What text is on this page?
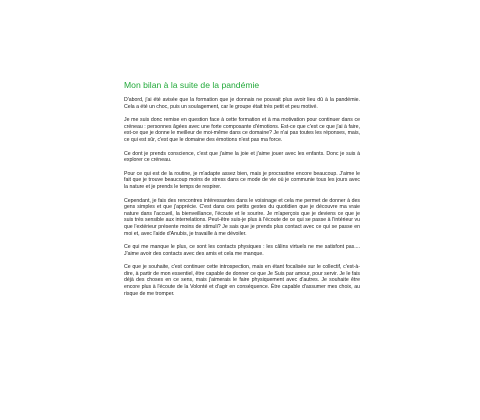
Mon bilan à la suite de la pandémie

D'abord, j'ai été avisée que la formation que je donnais ne pouvait plus avoir lieu dû à la pandémie. Cela a été un choc, puis un soulagement, car le groupe était très petit et peu motivé.

Je me suis donc remise en question face à cette formation et à ma motivation pour continuer dans ce créneau : personnes âgées avec une forte composante d'émotions. Est-ce que c'est ce que j'ai à faire, est-ce que je donne le meilleur de moi-même dans ce domaine? Je n'ai pas toutes les réponses, mais, ce qui est sûr, c'est que le domaine des émotions n'est pas ma force.

Ce dont je prends conscience, c'est que j'aime la joie et j'aime jouer avec les enfants. Donc je suis à explorer ce créneau.

Pour ce qui est de la routine, je m'adapte assez bien, mais je procrastine encore beaucoup. J'aime le fait que je trouve beaucoup moins de stress dans ce mode de vie où je communie tous les jours avec la nature et je prends le temps de respirer.

Cependant, je fais des rencontres intéressantes dans le voisinage et cela me permet de donner à des gens simples et que j'apprécie. C'est dans ces petits gestes du quotidien que je découvre ma vraie nature dans l'accueil, la bienveillance, l'écoute et le sourire. Je m'aperçois que je deviens ce que je suis très sensible aux interrelations. Peut-être suis-je plus à l'écoute de ce qui se passe à l'intérieur vu que l'extérieur présente moins de stimuli? Je sais que je prends plus contact avec ce qui se passe en moi et, avec l'aide d'Anubis, je travaille à me dévoiler.

Ce qui me manque le plus, ce sont les contacts physiques : les câlins virtuels ne me satisfont pas.... J'aime avoir des contacts avec des amis et cela me manque.

Ce que je souhaite, c'est continuer cette introspection, mais en étant focalisée sur le collectif, c'est-à-dire, à partir de mon essentiel, être capable de donner ce que Je Suis par amour, pour servir. Je le fais déjà des choses en ce sens, mais j'aimerais le faire physiquement avec d'autres. Je souhaite être encore plus à l'écoute de la Volonté et d'agir en conséquence. Être capable d'assumer mes choix, au risque de me tromper.
